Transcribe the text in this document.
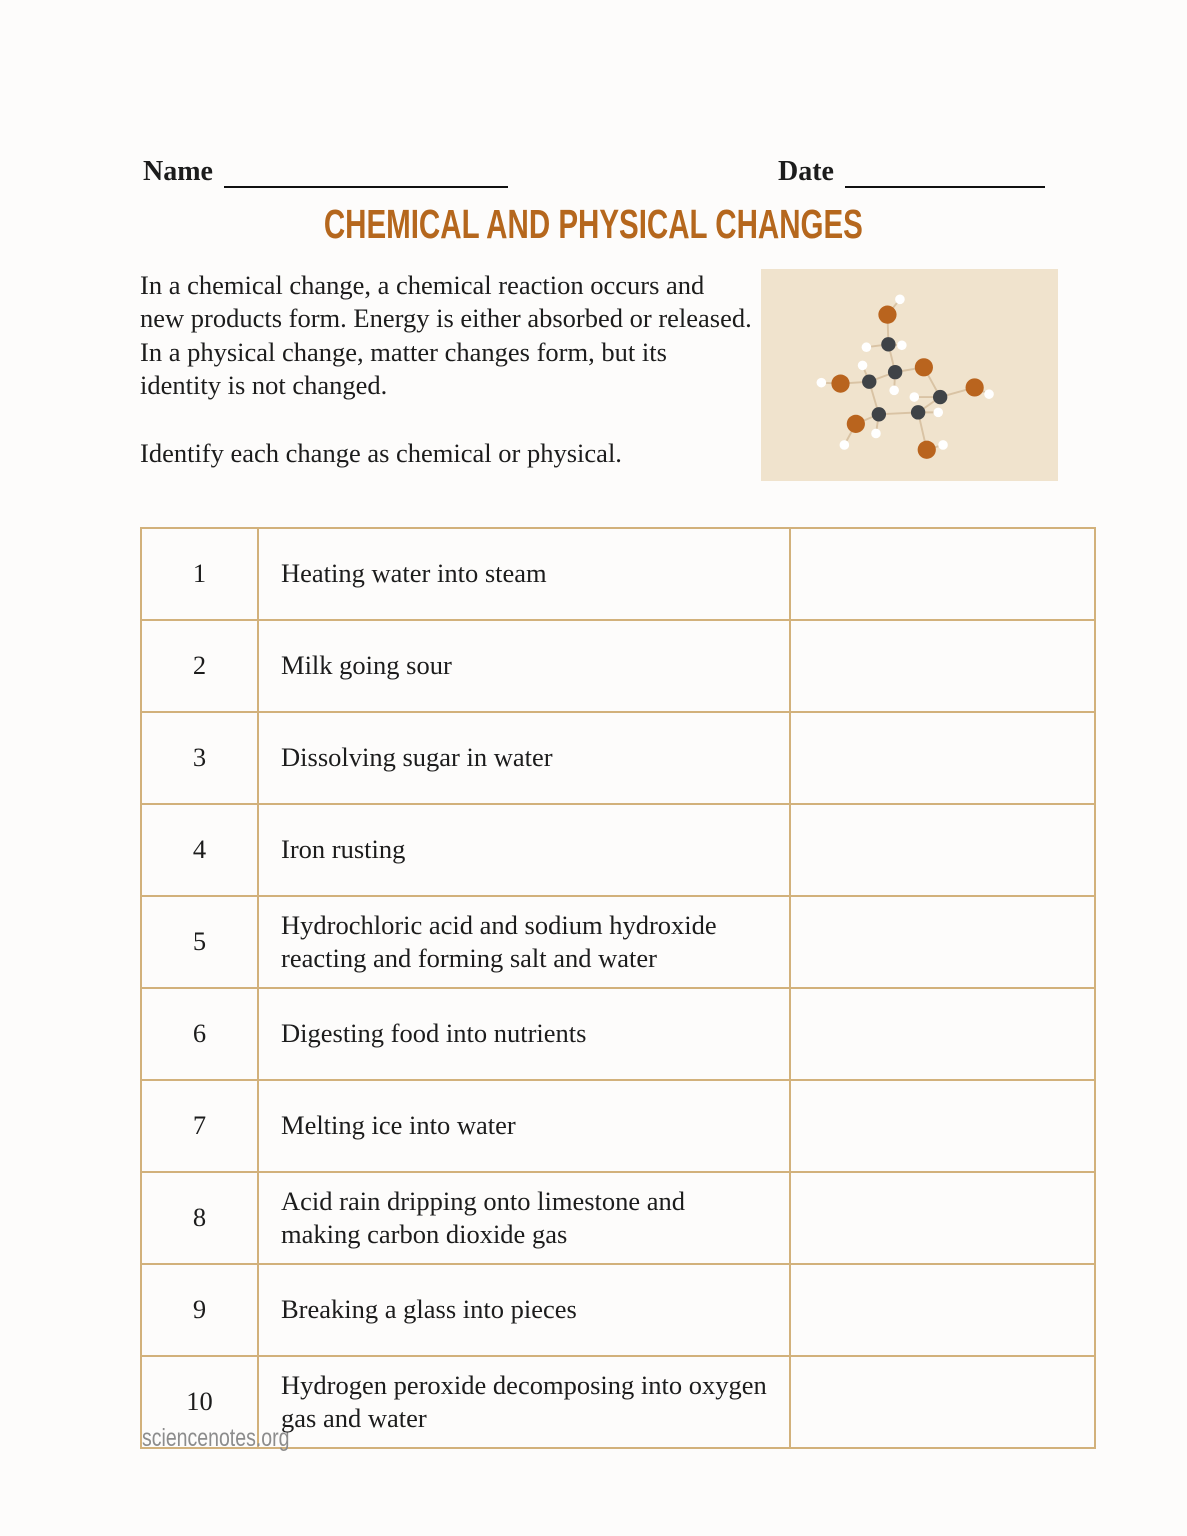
Name	Date
CHEMICAL AND PHYSICAL CHANGES

In a chemical change, a chemical reaction occurs and new products form. Energy is either absorbed or released. In a physical change, matter changes form, but its identity is not changed.

Identify each change as chemical or physical.

1	Heating water into steam	
2	Milk going sour	
3	Dissolving sugar in water	
4	Iron rusting	
5	Hydrochloric acid and sodium hydroxide reacting and forming salt and water	
6	Digesting food into nutrients	
7	Melting ice into water	
8	Acid rain dripping onto limestone and making carbon dioxide gas	
9	Breaking a glass into pieces	
10	Hydrogen peroxide decomposing into oxygen gas and water	
sciencenotes.org
